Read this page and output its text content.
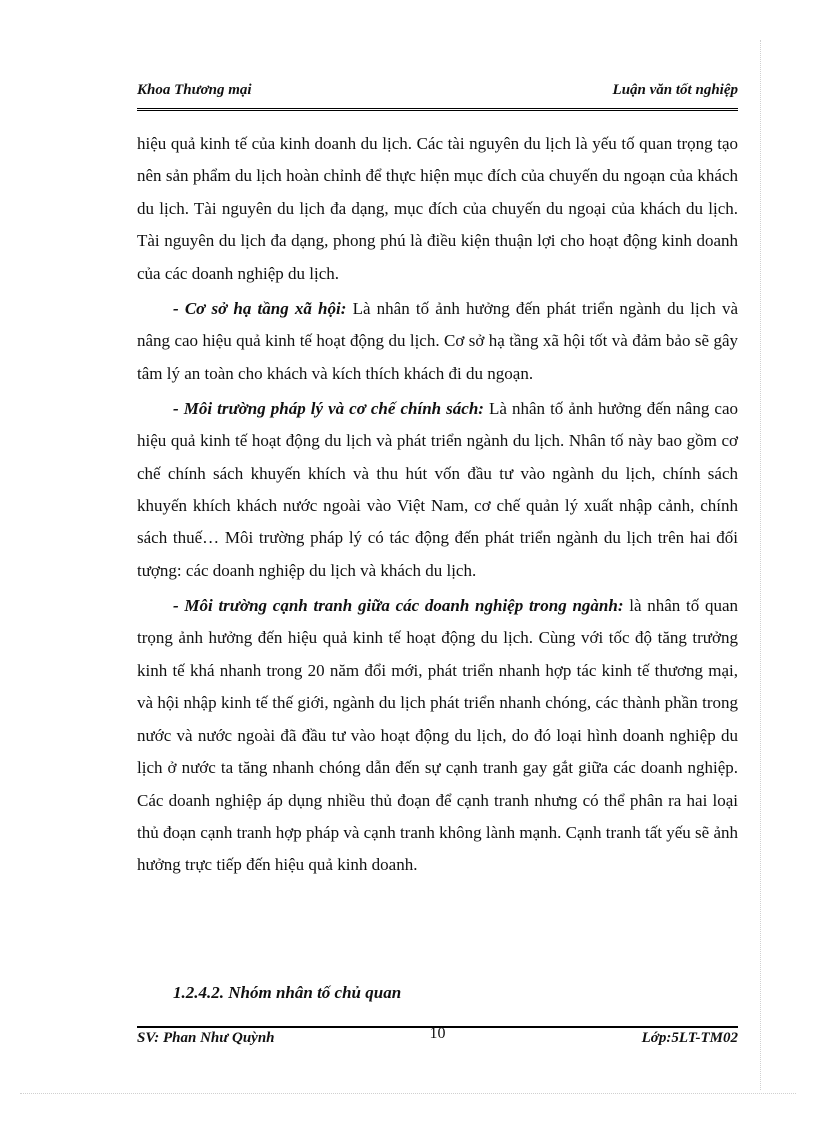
Khoa Thương mại	Luận văn tốt nghiệp

hiệu quả kinh tế của kinh doanh du lịch. Các tài nguyên du lịch là yếu tố quan trọng tạo nên sản phẩm du lịch hoàn chỉnh để thực hiện mục đích của chuyến du ngoạn của khách du lịch. Tài nguyên du lịch đa dạng, mục đích của chuyến du ngoại của khách du lịch. Tài nguyên du lịch đa dạng, phong phú là điều kiện thuận lợi cho hoạt động kinh doanh của các doanh nghiệp du lịch.

- Cơ sở hạ tầng xã hội: Là nhân tố ảnh hưởng đến phát triển ngành du lịch và nâng cao hiệu quả kinh tế hoạt động du lịch. Cơ sở hạ tầng xã hội tốt và đảm bảo sẽ gây tâm lý an toàn cho khách và kích thích khách đi du ngoạn.

- Môi trường pháp lý và cơ chế chính sách: Là nhân tố ảnh hưởng đến nâng cao hiệu quả kinh tế hoạt động du lịch và phát triển ngành du lịch. Nhân tố này bao gồm cơ chế chính sách khuyến khích và thu hút vốn đầu tư vào ngành du lịch, chính sách khuyến khích khách nước ngoài vào Việt Nam, cơ chế quản lý xuất nhập cảnh, chính sách thuế… Môi trường pháp lý có tác động đến phát triển ngành du lịch trên hai đối tượng: các doanh nghiệp du lịch và khách du lịch.

- Môi trường cạnh tranh giữa các doanh nghiệp trong ngành: là nhân tố quan trọng ảnh hưởng đến hiệu quả kinh tế hoạt động du lịch. Cùng với tốc độ tăng trưởng kinh tế khá nhanh trong 20 năm đổi mới, phát triển nhanh hợp tác kinh tế thương mại, và hội nhập kinh tế thế giới, ngành du lịch phát triển nhanh chóng, các thành phần trong nước và nước ngoài đã đầu tư vào hoạt động du lịch, do đó loại hình doanh nghiệp du lịch ở nước ta tăng nhanh chóng dẫn đến sự cạnh tranh gay gắt giữa các doanh nghiệp. Các doanh nghiệp áp dụng nhiều thủ đoạn để cạnh tranh nhưng có thể phân ra hai loại thủ đoạn cạnh tranh hợp pháp và cạnh tranh không lành mạnh. Cạnh tranh tất yếu sẽ ảnh hưởng trực tiếp đến hiệu quả kinh doanh.

1.2.4.2. Nhóm nhân tố chủ quan
SV: Phan Như Quỳnh	10	Lớp:5LT-TM02
